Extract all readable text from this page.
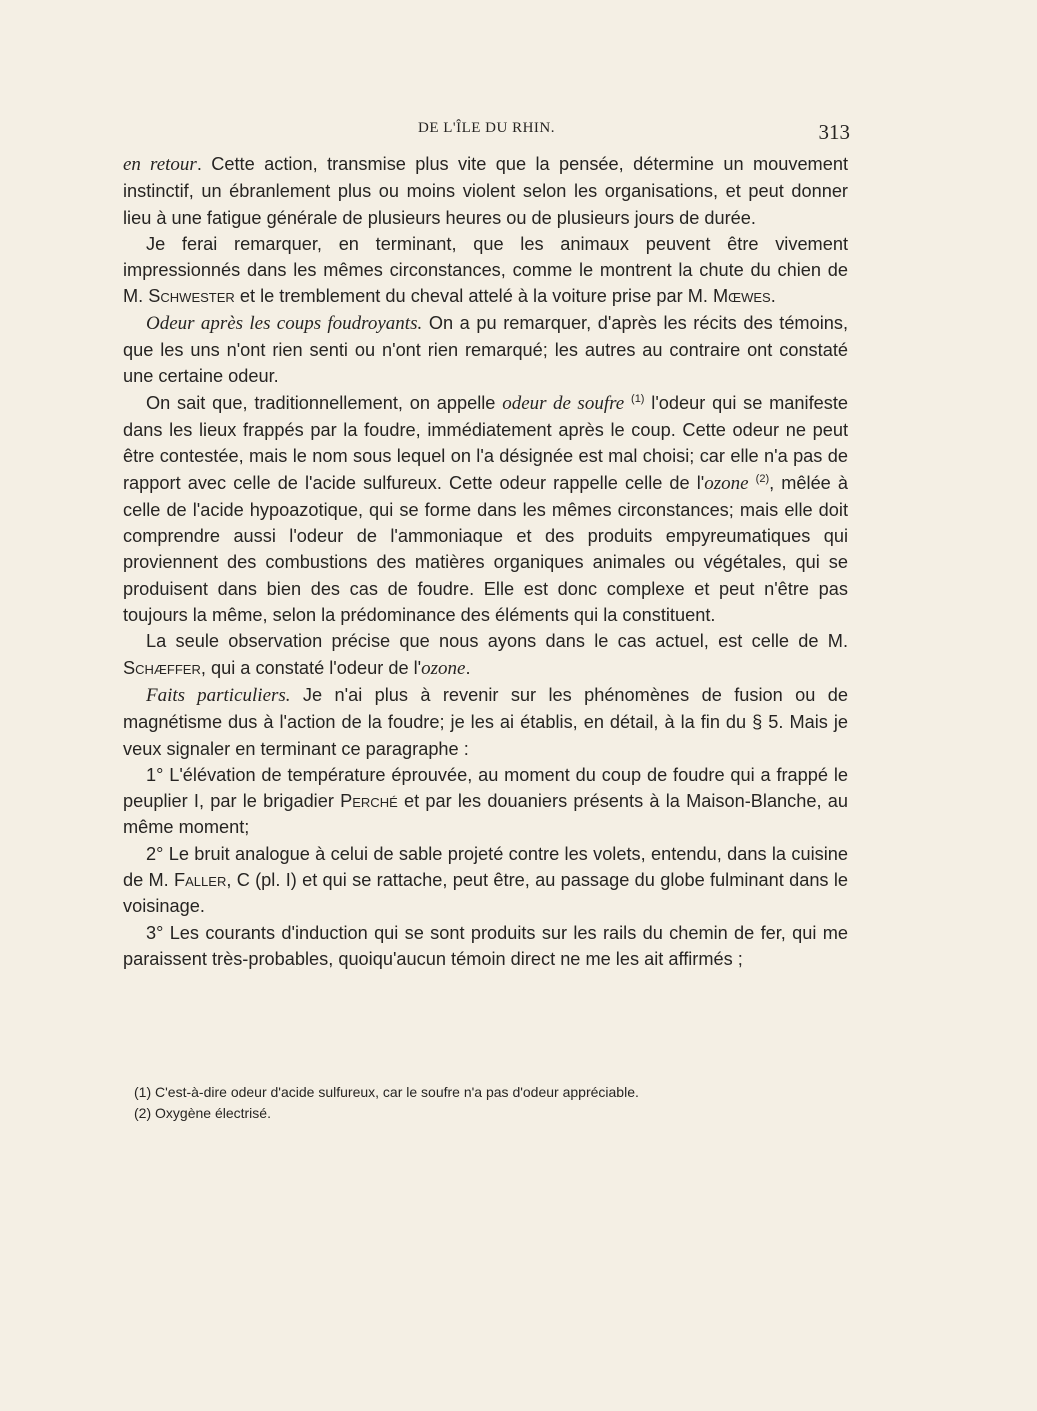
DE L'ÎLE DU RHIN.	313

en retour. Cette action, transmise plus vite que la pensée, détermine un mouvement instinctif, un ébranlement plus ou moins violent selon les organisations, et peut donner lieu à une fatigue générale de plusieurs heures ou de plusieurs jours de durée.

Je ferai remarquer, en terminant, que les animaux peuvent être vivement impressionnés dans les mêmes circonstances, comme le montrent la chute du chien de M. Schwester et le tremblement du cheval attelé à la voiture prise par M. Mœwes.

Odeur après les coups foudroyants. On a pu remarquer, d'après les récits des témoins, que les uns n'ont rien senti ou n'ont rien remarqué; les autres au contraire ont constaté une certaine odeur.

On sait que, traditionnellement, on appelle odeur de soufre $^{(1)}$ l'odeur qui se manifeste dans les lieux frappés par la foudre, immédiatement après le coup. Cette odeur ne peut être contestée, mais le nom sous lequel on l'a désignée est mal choisi; car elle n'a pas de rapport avec celle de l'acide sulfureux. Cette odeur rappelle celle de l'ozone $^{(2)}$, mêlée à celle de l'acide hypoazotique, qui se forme dans les mêmes circonstances; mais elle doit comprendre aussi l'odeur de l'ammoniaque et des produits empyreumatiques qui proviennent des combustions des matières organiques animales ou végétales, qui se produisent dans bien des cas de foudre. Elle est donc complexe et peut n'être pas toujours la même, selon la prédominance des éléments qui la constituent.

La seule observation précise que nous ayons dans le cas actuel, est celle de M. Schæffer, qui a constaté l'odeur de l'ozone.

Faits particuliers. Je n'ai plus à revenir sur les phénomènes de fusion ou de magnétisme dus à l'action de la foudre; je les ai établis, en détail, à la fin du § 5. Mais je veux signaler en terminant ce paragraphe :

1° L'élévation de température éprouvée, au moment du coup de foudre qui a frappé le peuplier I, par le brigadier Perché et par les douaniers présents à la Maison-Blanche, au même moment;

2° Le bruit analogue à celui de sable projeté contre les volets, entendu, dans la cuisine de M. Faller, C (pl. I) et qui se rattache, peut être, au passage du globe fulminant dans le voisinage.

3° Les courants d'induction qui se sont produits sur les rails du chemin de fer, qui me paraissent très-probables, quoiqu'aucun témoin direct ne me les ait affirmés ;

(1) C'est-à-dire odeur d'acide sulfureux, car le soufre n'a pas d'odeur appréciable.

(2) Oxygène électrisé.
